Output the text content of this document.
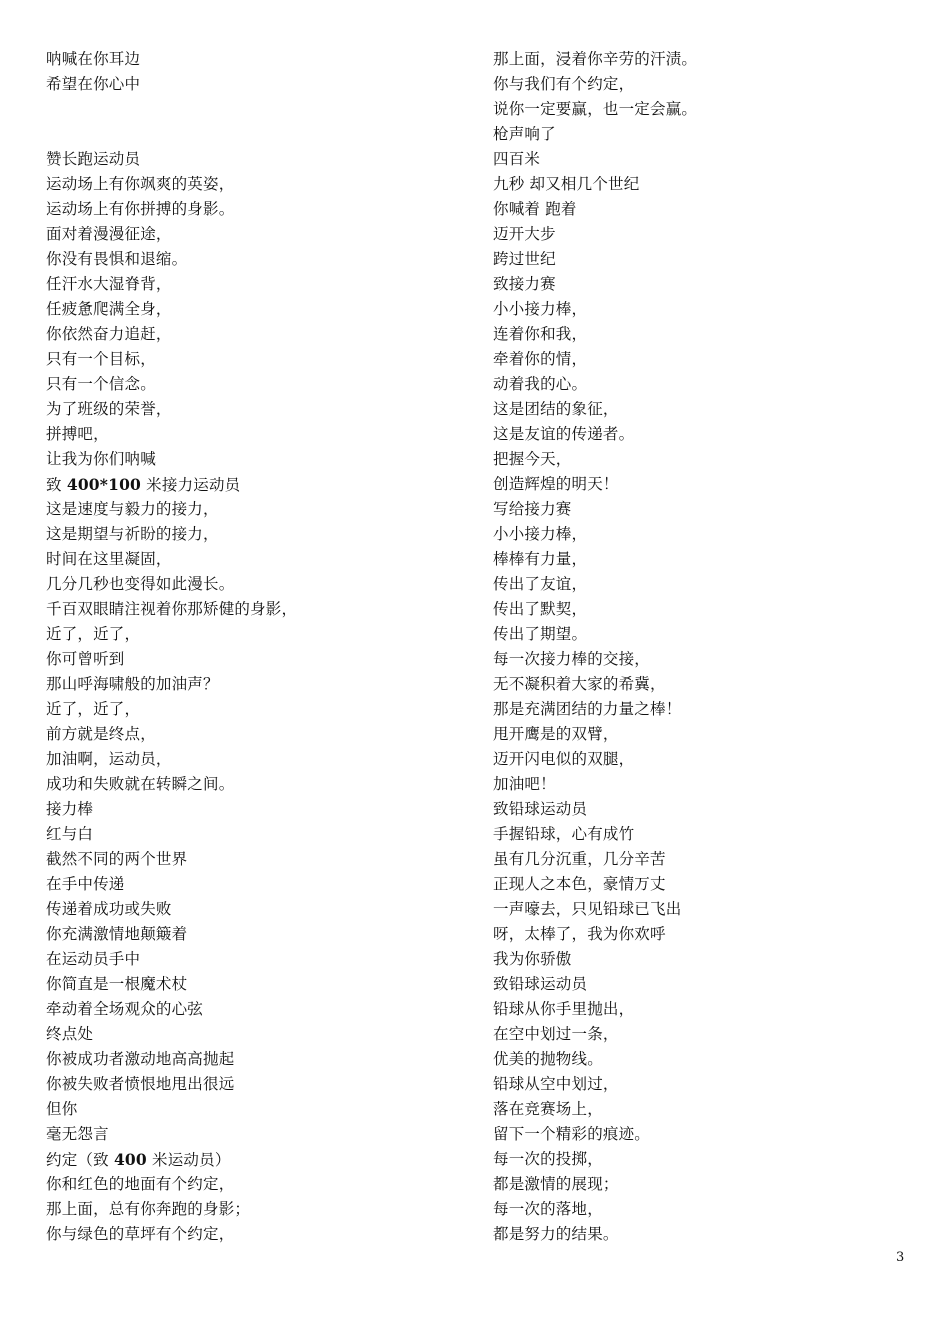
呐喊在你耳边
希望在你心中
赞长跑运动员
运动场上有你飒爽的英姿，
运动场上有你拼搏的身影。
面对着漫漫征途，
你没有畏惧和退缩。
任汗水大湿脊背，
任疲惫爬满全身，
你依然奋力追赶，
只有一个目标，
只有一个信念。
为了班级的荣誉，
拼搏吧，
让我为你们呐喊
致 400*100 米接力运动员
这是速度与毅力的接力，
这是期望与祈盼的接力，
时间在这里凝固，
几分几秒也变得如此漫长。
千百双眼睛注视着你那矫健的身影，
近了，近了，
你可曾听到
那山呼海啸般的加油声？
近了，近了，
前方就是终点，
加油啊，运动员，
成功和失败就在转瞬之间。
接力棒
红与白
截然不同的两个世界
在手中传递
传递着成功或失败
你充满激情地颠簸着
在运动员手中
你简直是一根魔术杖
牵动着全场观众的心弦
终点处
你被成功者激动地高高抛起
你被失败者愤恨地甩出很远
但你
毫无怨言
约定（致 400 米运动员）
你和红色的地面有个约定，
那上面，总有你奔跑的身影；
你与绿色的草坪有个约定，
那上面，浸着你辛劳的汗渍。
你与我们有个约定，
说你一定要赢，也一定会赢。
枪声响了
四百米
九秒 却又相几个世纪
你喊着 跑着
迈开大步
跨过世纪
致接力赛
小小接力棒，
连着你和我，
牵着你的情，
动着我的心。
这是团结的象征，
这是友谊的传递者。
把握今天，
创造辉煌的明天！
写给接力赛
小小接力棒，
棒棒有力量，
传出了友谊，
传出了默契，
传出了期望。
每一次接力棒的交接，
无不凝积着大家的希冀，
那是充满团结的力量之棒！
甩开鹰是的双臂，
迈开闪电似的双腿，
加油吧！
致铅球运动员
手握铅球，心有成竹
虽有几分沉重，几分辛苦
正现人之本色，豪情万丈
一声嚎去，只见铅球已飞出
呀，太棒了，我为你欢呼
我为你骄傲
致铅球运动员
铅球从你手里抛出，
在空中划过一条，
优美的抛物线。
铅球从空中划过，
落在竞赛场上，
留下一个精彩的痕迹。
每一次的投掷，
都是激情的展现；
每一次的落地，
都是努力的结果。
3
